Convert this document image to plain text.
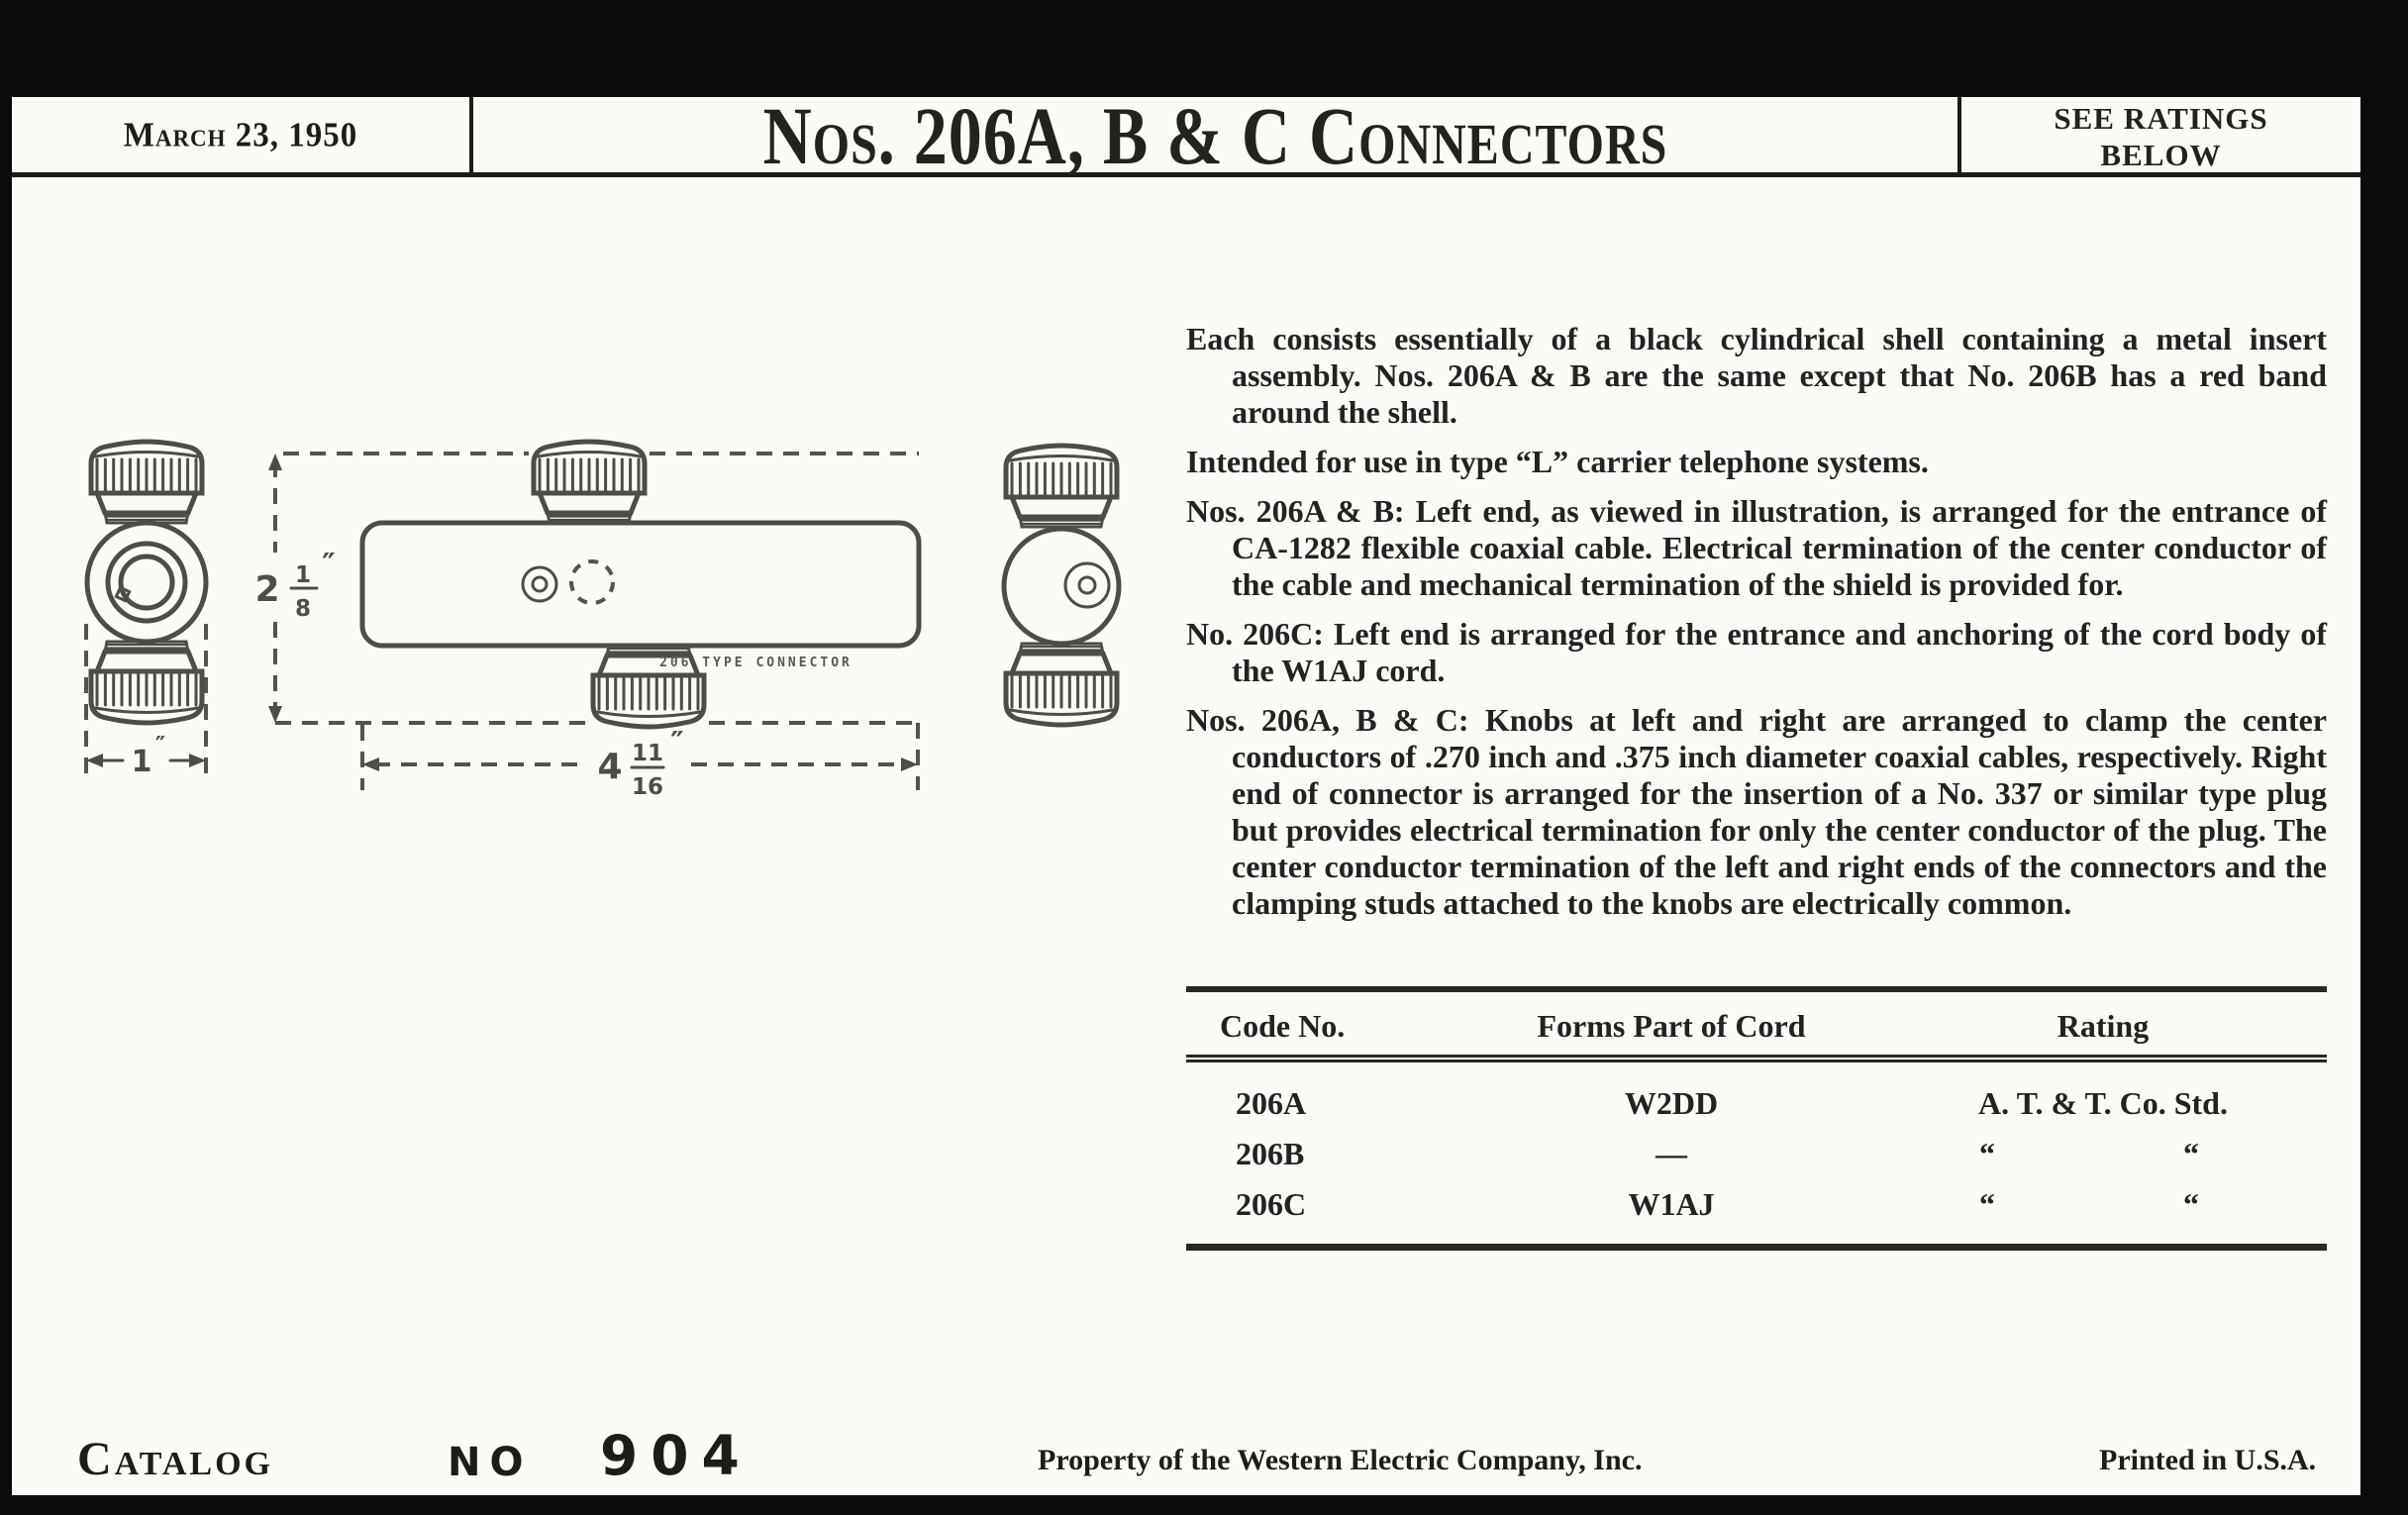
March 23, 1950	Nos. 206A, B & C Connectors	SEE RATINGS
BELOW
206 TYPE CONNECTOR
2 1
8
″
4 11
16
″
1 ″

Each consists essentially of a black cylindrical shell containing a metal insert assembly. Nos. 206A & B are the same except that No. 206B has a red band around the shell.

Intended for use in type “L” carrier telephone systems.

Nos. 206A & B: Left end, as viewed in illustration, is arranged for the entrance of CA-1282 flexible coaxial cable. Electrical termination of the center conductor of the cable and mechanical termination of the shield is provided for.

No. 206C: Left end is arranged for the entrance and anchoring of the cord body of the W1AJ cord.

Nos. 206A, B & C: Knobs at left and right are arranged to clamp the center conductors of .270 inch and .375 inch diameter coaxial cables, respectively. Right end of connector is arranged for the insertion of a No. 337 or similar type plug but provides electrical termination for only the center conductor of the plug. The center conductor termination of the left and right ends of the connectors and the clamping studs attached to the knobs are electrically common.

Code No.	Forms Part of Cord	Rating
206A	W2DD	A. T. & T. Co. Std.
206B	—	“	“
206C	W1AJ	“	“
Catalog	NO 904	Property of the Western Electric Company, Inc.	Printed in U.S.A.
